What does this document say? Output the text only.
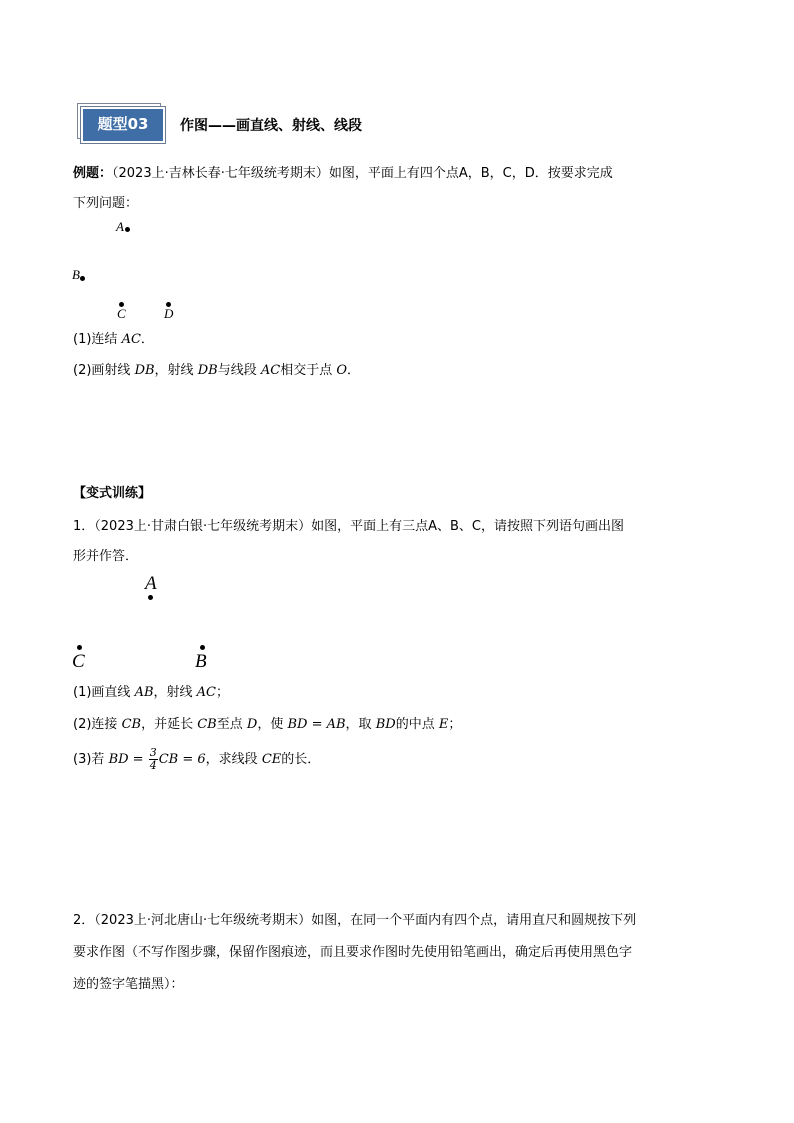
题型03	作图——画直线、射线、线段
例题：（2023上·吉林长春·七年级统考期末）如图，平面上有四个点A，B，C，D．按要求完成
下列问题：
A
B
C	D
(1)连结 AC．
(2)画射线 DB，射线 DB与线段 AC相交于点 O．
【变式训练】
1．（2023上·甘肃白银·七年级统考期末）如图，平面上有三点A、B、C，请按照下列语句画出图
形并作答．
A
C	B
(1)画直线 AB，射线 AC；
(2)连接 CB，并延长 CB至点 D，使 BD = AB，取 BD的中点 E；
(3)若 BD = $\frac{3}{4}$ CB = 6，求线段 CE的长．
2．（2023上·河北唐山·七年级统考期末）如图，在同一个平面内有四个点，请用直尺和圆规按下列
要求作图（不写作图步骤，保留作图痕迹，而且要求作图时先使用铅笔画出，确定后再使用黑色字
迹的签字笔描黑）：
